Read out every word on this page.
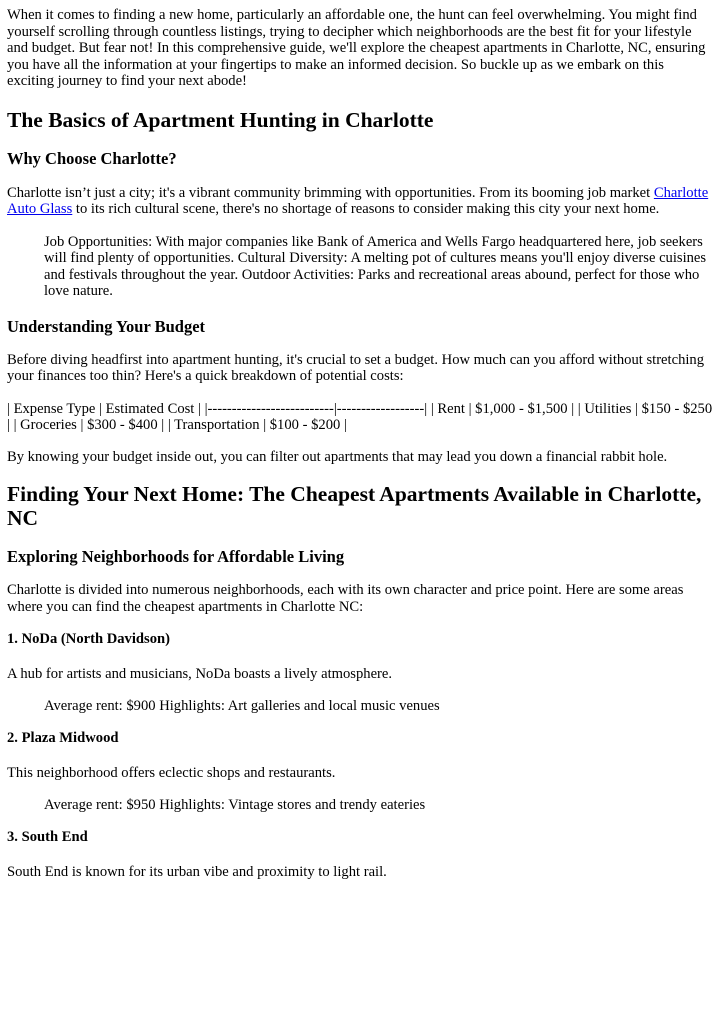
When it comes to finding a new home, particularly an affordable one, the hunt can feel overwhelming. You might find yourself scrolling through countless listings, trying to decipher which neighborhoods are the best fit for your lifestyle and budget. But fear not! In this comprehensive guide, we'll explore the cheapest apartments in Charlotte, NC, ensuring you have all the information at your fingertips to make an informed decision. So buckle up as we embark on this exciting journey to find your next abode!

The Basics of Apartment Hunting in Charlotte
Why Choose Charlotte?

Charlotte isn’t just a city; it's a vibrant community brimming with opportunities. From its booming job market Charlotte Auto Glass to its rich cultural scene, there's no shortage of reasons to consider making this city your next home.

Job Opportunities: With major companies like Bank of America and Wells Fargo headquartered here, job seekers will find plenty of opportunities. Cultural Diversity: A melting pot of cultures means you'll enjoy diverse cuisines and festivals throughout the year. Outdoor Activities: Parks and recreational areas abound, perfect for those who love nature.

Understanding Your Budget

Before diving headfirst into apartment hunting, it's crucial to set a budget. How much can you afford without stretching your finances too thin? Here's a quick breakdown of potential costs:

| Expense Type | Estimated Cost | |--------------------------|------------------| | Rent | $1,000 - $1,500 | | Utilities | $150 - $250 | | Groceries | $300 - $400 | | Transportation | $100 - $200 |

By knowing your budget inside out, you can filter out apartments that may lead you down a financial rabbit hole.

Finding Your Next Home: The Cheapest Apartments Available in Charlotte, NC
Exploring Neighborhoods for Affordable Living

Charlotte is divided into numerous neighborhoods, each with its own character and price point. Here are some areas where you can find the cheapest apartments in Charlotte NC:

1. NoDa (North Davidson)

A hub for artists and musicians, NoDa boasts a lively atmosphere.

Average rent: $900 Highlights: Art galleries and local music venues

2. Plaza Midwood

This neighborhood offers eclectic shops and restaurants.

Average rent: $950 Highlights: Vintage stores and trendy eateries

3. South End

South End is known for its urban vibe and proximity to light rail.
